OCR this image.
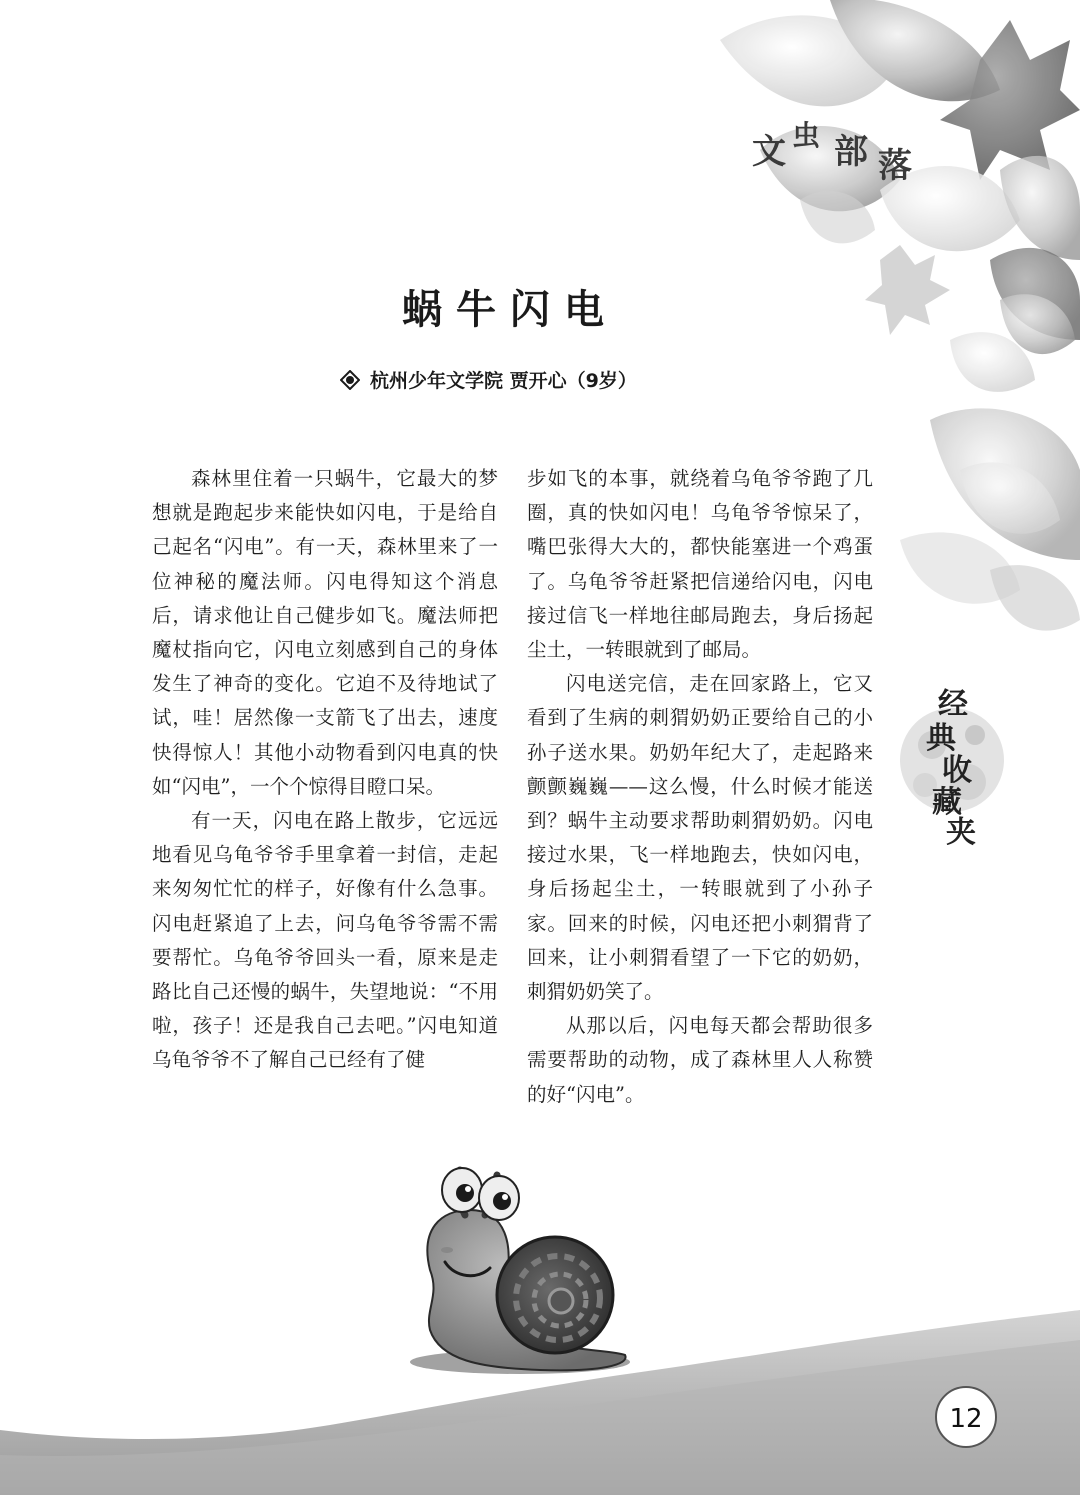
文 虫 部 落
蜗牛闪电
杭州少年文学院 贾开心（9岁）

森林里住着一只蜗牛，它最大的梦想就是跑起步来能快如闪电，于是给自己起名“闪电”。有一天，森林里来了一位神秘的魔法师。闪电得知这个消息后，请求他让自己健步如飞。魔法师把魔杖指向它，闪电立刻感到自己的身体发生了神奇的变化。它迫不及待地试了试，哇！居然像一支箭飞了出去，速度快得惊人！其他小动物看到闪电真的快如“闪电”，一个个惊得目瞪口呆。

有一天，闪电在路上散步，它远远地看见乌龟爷爷手里拿着一封信，走起来匆匆忙忙的样子，好像有什么急事。闪电赶紧追了上去，问乌龟爷爷需不需要帮忙。乌龟爷爷回头一看，原来是走路比自己还慢的蜗牛，失望地说：“不用啦，孩子！还是我自己去吧。”闪电知道乌龟爷爷不了解自己已经有了健

步如飞的本事，就绕着乌龟爷爷跑了几圈，真的快如闪电！乌龟爷爷惊呆了，嘴巴张得大大的，都快能塞进一个鸡蛋了。乌龟爷爷赶紧把信递给闪电，闪电接过信飞一样地往邮局跑去，身后扬起尘土，一转眼就到了邮局。

闪电送完信，走在回家路上，它又看到了生病的刺猬奶奶正要给自己的小孙子送水果。奶奶年纪大了，走起路来颤颤巍巍——这么慢，什么时候才能送到？蜗牛主动要求帮助刺猬奶奶。闪电接过水果，飞一样地跑去，快如闪电，身后扬起尘土，一转眼就到了小孙子家。回来的时候，闪电还把小刺猬背了回来，让小刺猬看望了一下它的奶奶，刺猬奶奶笑了。

从那以后，闪电每天都会帮助很多需要帮助的动物，成了森林里人人称赞的好“闪电”。

经
典
收
藏
夹
12
